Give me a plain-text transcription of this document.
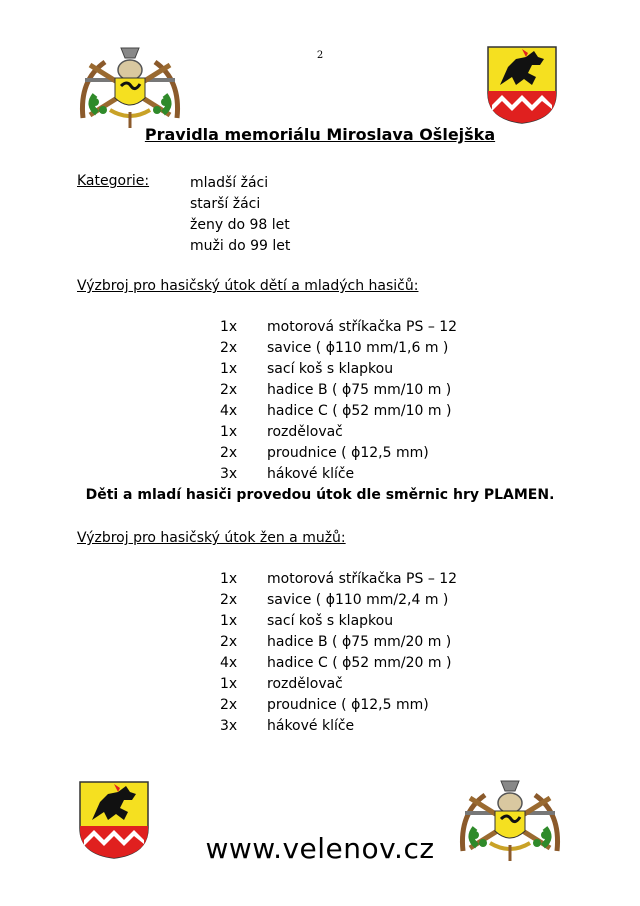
2
Pravidla memoriálu Miroslava Ošlejška
Kategorie:	mladší žáci
starší žáci
ženy do 98 let
muži do 99 let
Výzbroj pro hasičský útok dětí a mladých hasičů:
1x	motorová stříkačka PS – 12
2x	savice ( ϕ110 mm/1,6 m )
1x	sací koš s klapkou
2x	hadice B ( ϕ75 mm/10 m )
4x	hadice C ( ϕ52 mm/10 m )
1x	rozdělovač
2x	proudnice ( ϕ12,5 mm)
3x	hákové klíče
Děti a mladí hasiči provedou útok dle směrnic hry PLAMEN.
Výzbroj pro hasičský útok žen a mužů:
1x	motorová stříkačka PS – 12
2x	savice ( ϕ110 mm/2,4 m )
1x	sací koš s klapkou
2x	hadice B ( ϕ75 mm/20 m )
4x	hadice C ( ϕ52 mm/20 m )
1x	rozdělovač
2x	proudnice ( ϕ12,5 mm)
3x	hákové klíče
www.velenov.cz
